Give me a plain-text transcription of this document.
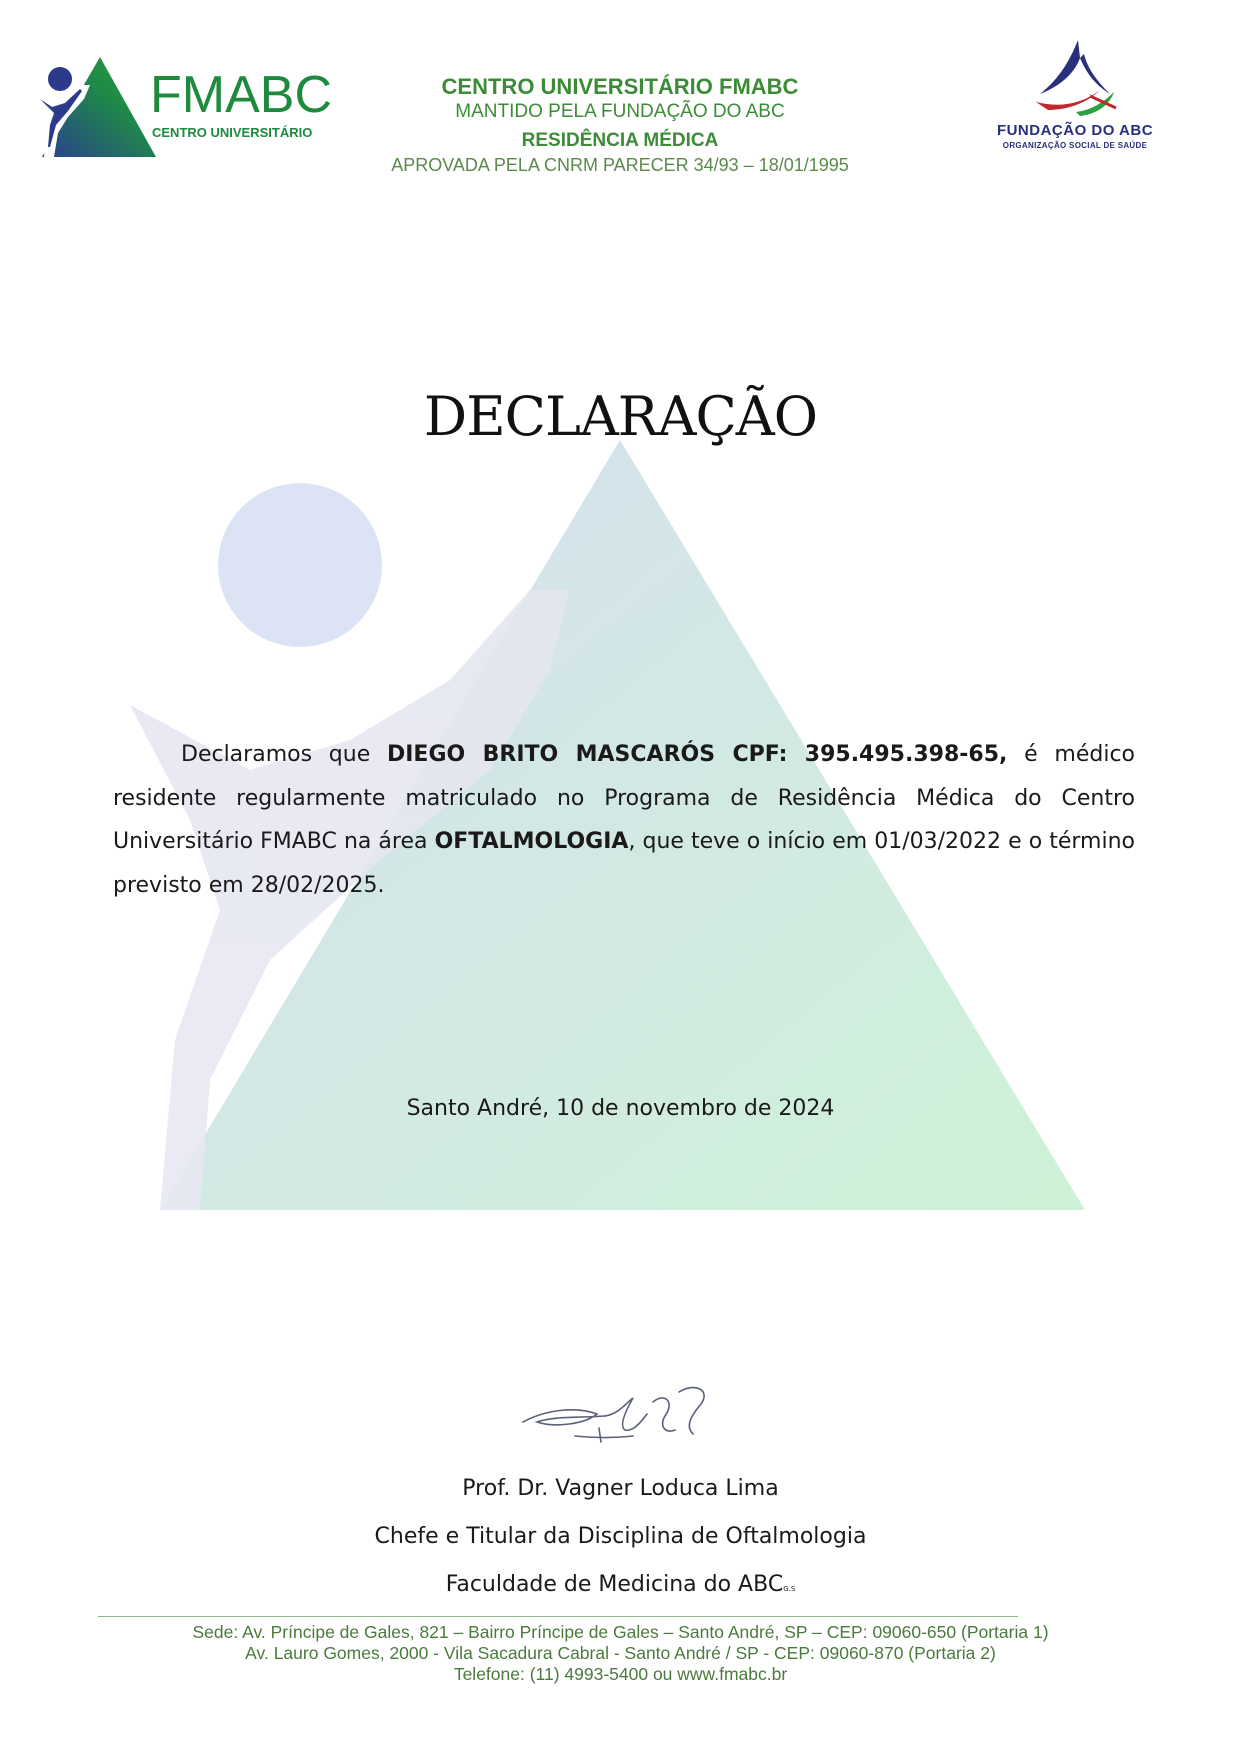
FMABC
CENTRO UNIVERSITÁRIO
CENTRO UNIVERSITÁRIO FMABC
MANTIDO PELA FUNDAÇÃO DO ABC
RESIDÊNCIA MÉDICA
APROVADA PELA CNRM PARECER 34/93 – 18/01/1995
FUNDAÇÃO DO ABC
ORGANIZAÇÃO SOCIAL DE SAÚDE
DECLARAÇÃO

Declaramos que DIEGO BRITO MASCARÓS CPF: 395.495.398-65, é médico residente regularmente matriculado no Programa de Residência Médica do Centro Universitário FMABC na área OFTALMOLOGIA, que teve o início em 01/03/2022 e o término previsto em 28/02/2025.

Santo André, 10 de novembro de 2024
Prof. Dr. Vagner Loduca Lima
Chefe e Titular da Disciplina de Oftalmologia
Faculdade de Medicina do ABCG.S
Sede: Av. Príncipe de Gales, 821 – Bairro Príncipe de Gales – Santo André, SP – CEP: 09060-650 (Portaria 1)
Av. Lauro Gomes, 2000 - Vila Sacadura Cabral - Santo André / SP - CEP: 09060-870 (Portaria 2)
Telefone: (11) 4993-5400 ou www.fmabc.br
